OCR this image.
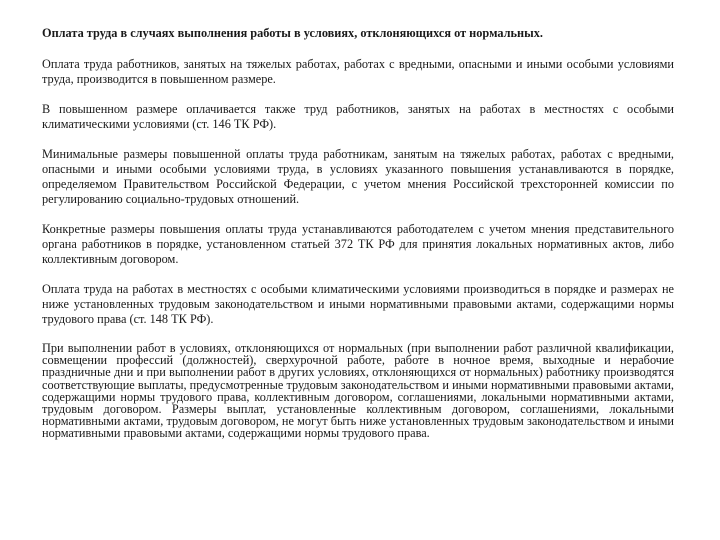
Оплата труда в случаях выполнения работы в условиях, отклоняющихся от нормальных.

Оплата труда работников, занятых на тяжелых работах, работах с вредными, опасными и иными особыми условиями труда, производится в повышенном размере.

В повышенном размере оплачивается также труд работников, занятых на работах в местностях с особыми климатическими условиями (ст. 146 ТК РФ).

Минимальные размеры повышенной оплаты труда работникам, занятым на тяжелых работах, работах с вредными, опасными и иными особыми условиями труда, в условиях указанного повышения устанавливаются в порядке, определяемом Правительством Российской Федерации, с учетом мнения Российской трехсторонней комиссии по регулированию социально-трудовых отношений.

Конкретные размеры повышения оплаты труда устанавливаются работодателем с учетом мнения представительного органа работников в порядке, установленном статьей 372 ТК РФ для принятия локальных нормативных актов, либо коллективным договором.

Оплата труда на работах в местностях с особыми климатическими условиями производиться в порядке и размерах не ниже установленных трудовым законодательством и иными нормативными правовыми актами, содержащими нормы трудового права (ст. 148 ТК РФ).

При выполнении работ в условиях, отклоняющихся от нормальных (при выполнении работ различной квалификации, совмещении профессий (должностей), сверхурочной работе, работе в ночное время, выходные и нерабочие праздничные дни и при выполнении работ в других условиях, отклоняющихся от нормальных) работнику производятся соответствующие выплаты, предусмотренные трудовым законодательством и иными нормативными правовыми актами, содержащими нормы трудового права, коллективным договором, соглашениями, локальными нормативными актами, трудовым договором. Размеры выплат, установленные коллективным договором, соглашениями, локальными нормативными актами, трудовым договором, не могут быть ниже установленных трудовым законодательством и иными нормативными правовыми актами, содержащими нормы трудового права.
